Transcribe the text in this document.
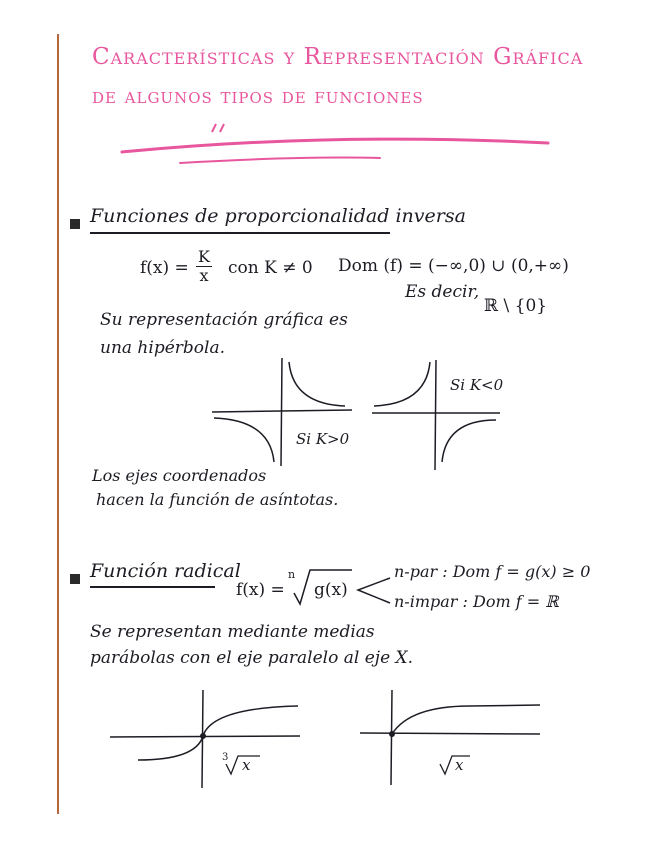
Características y Representación Gráfica
de algunos tipos de funciones
Funciones de proporcionalidad inversa
$f(x) = \frac{K}{x}$ con K ≠ 0 Dom (f) = (−∞,0) ∪ (0,+∞)
Es decir,
ℝ \ {0}
Su representación gráfica es
una hipérbola.
Si K>0
Si K<0
Los ejes coordenados
hacen la función de asíntotas.
Función radical
f(x) =
n
g(x)
n-par : Dom f = g(x) ≥ 0
n-impar : Dom f = ℝ
Se representan mediante medias
parábolas con el eje paralelo al eje X.
3 x	x
